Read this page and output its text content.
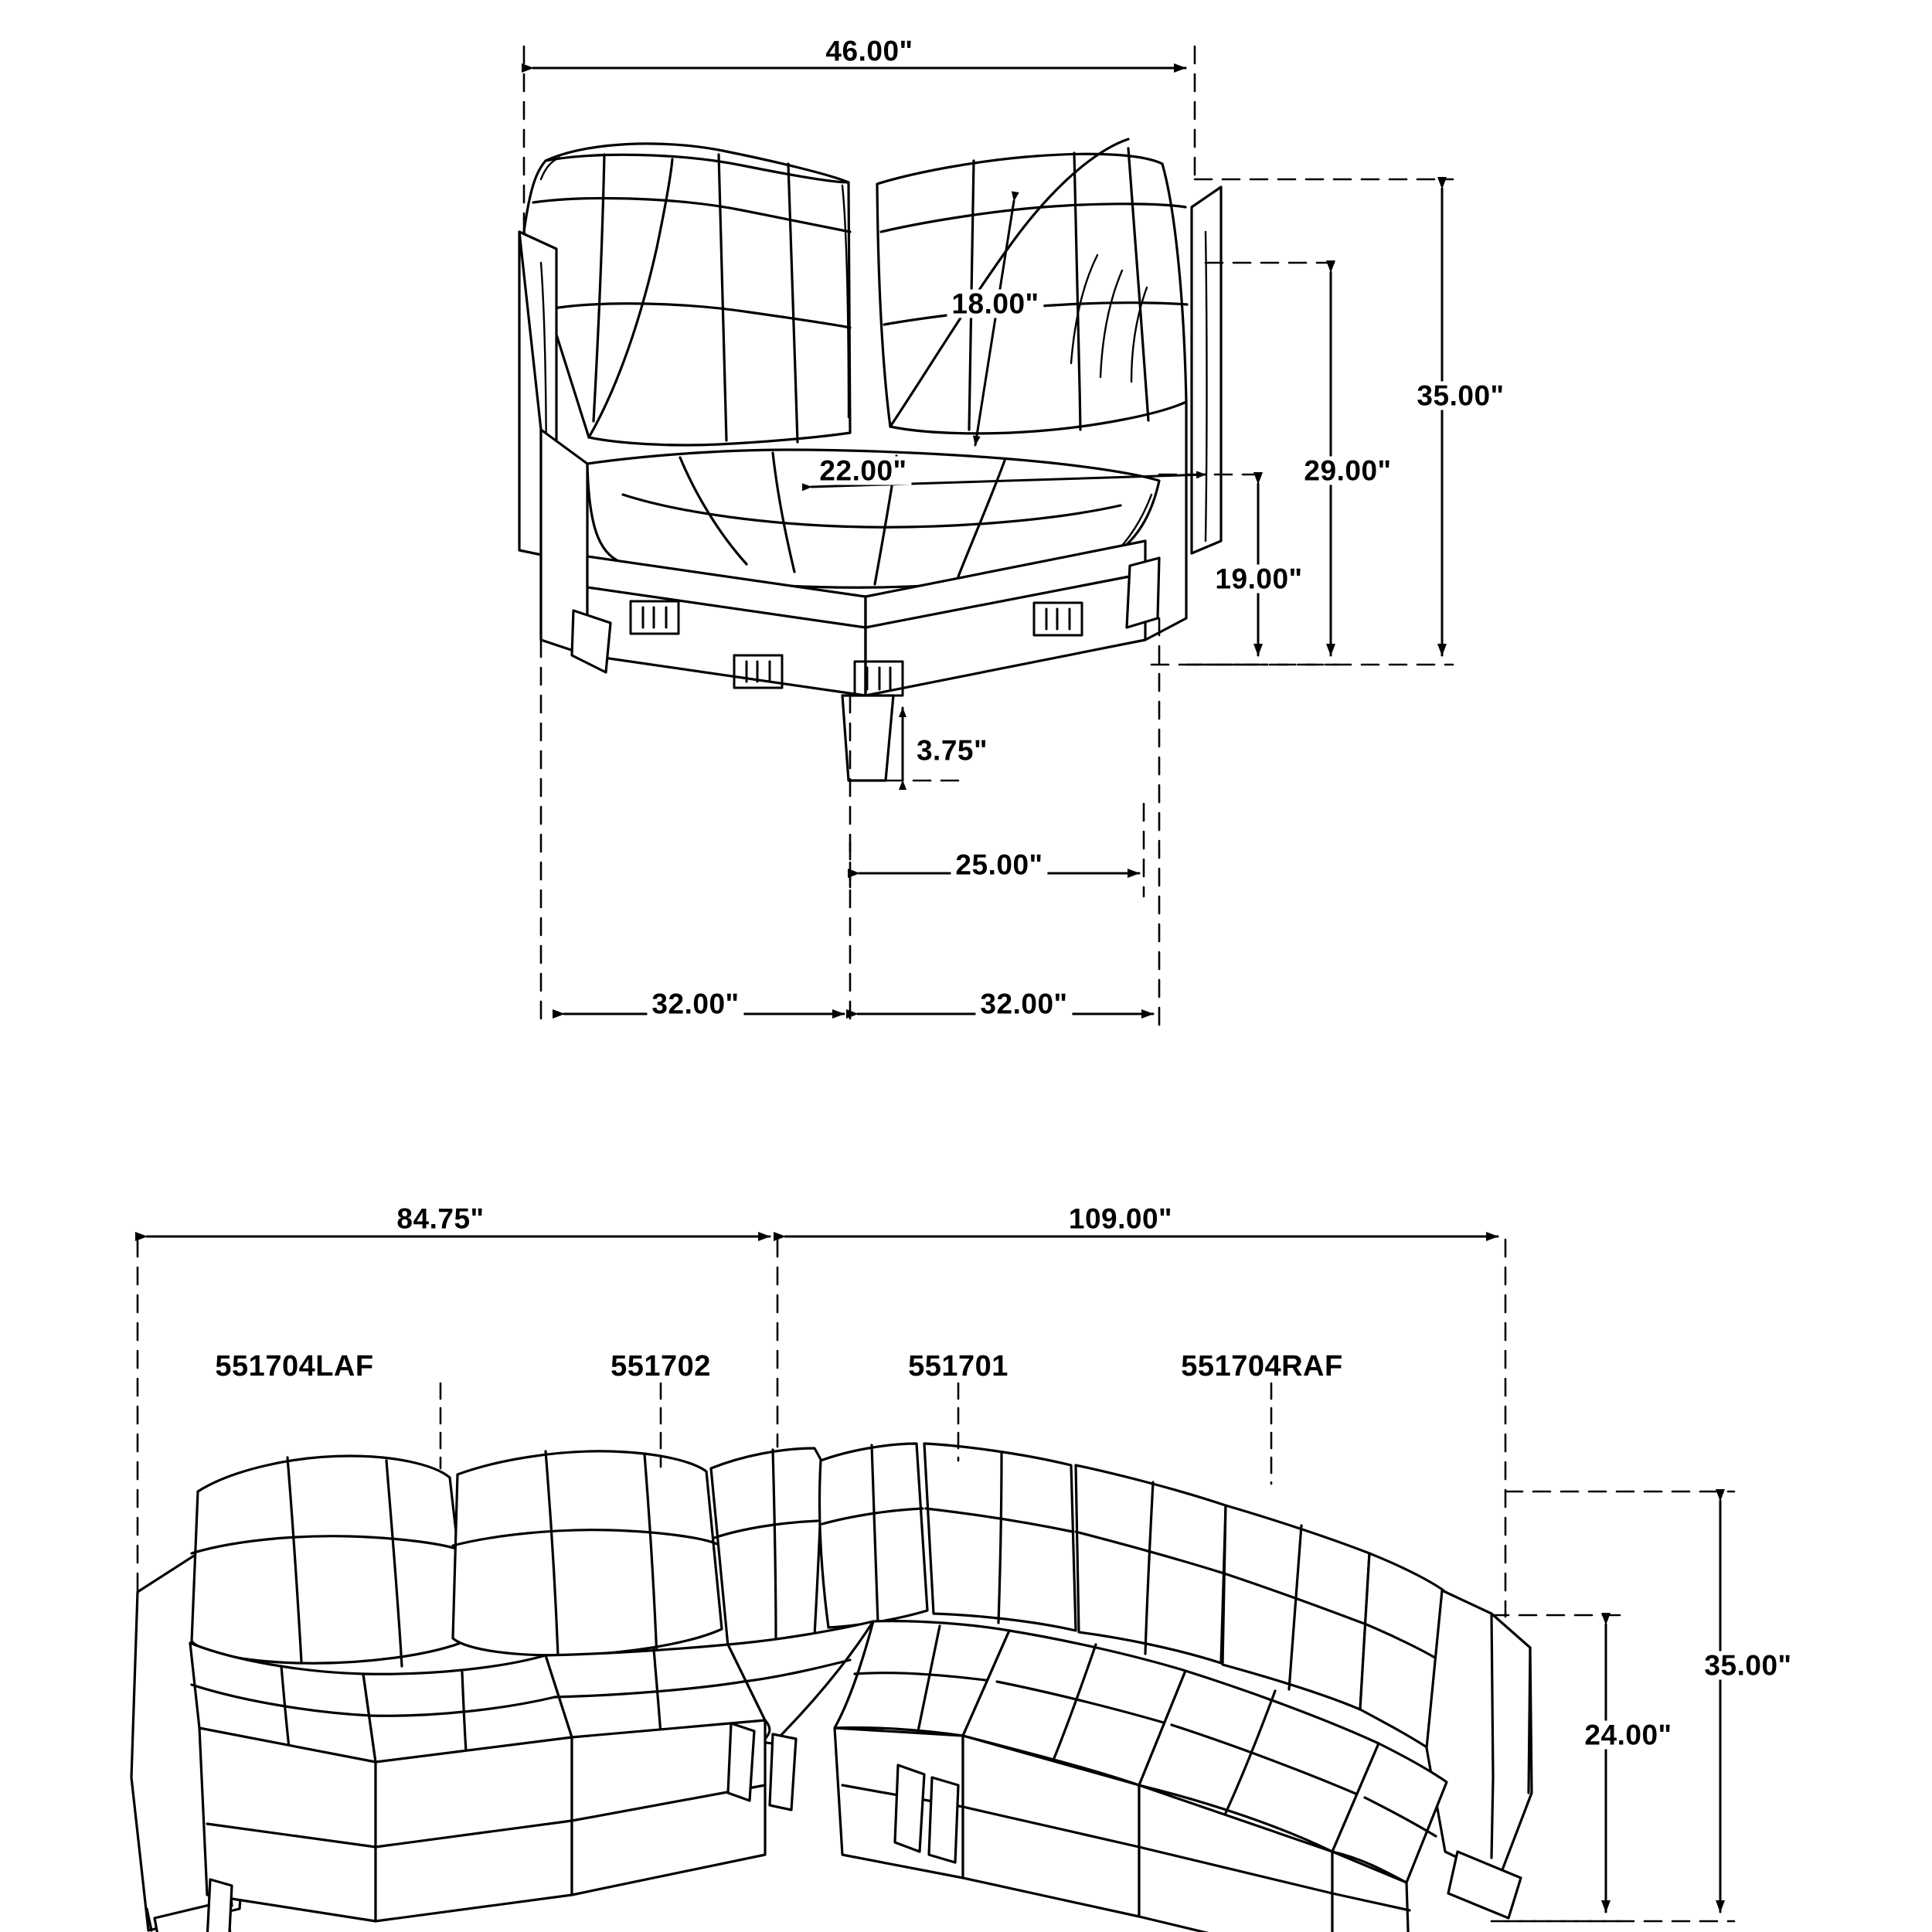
46.00"
18.00"
35.00"
29.00"
22.00"
19.00"
3.75"
25.00"
32.00"	32.00"
84.75"	109.00"
35.00"
24.00"
551704LAF	551702	551701	551704RAF
